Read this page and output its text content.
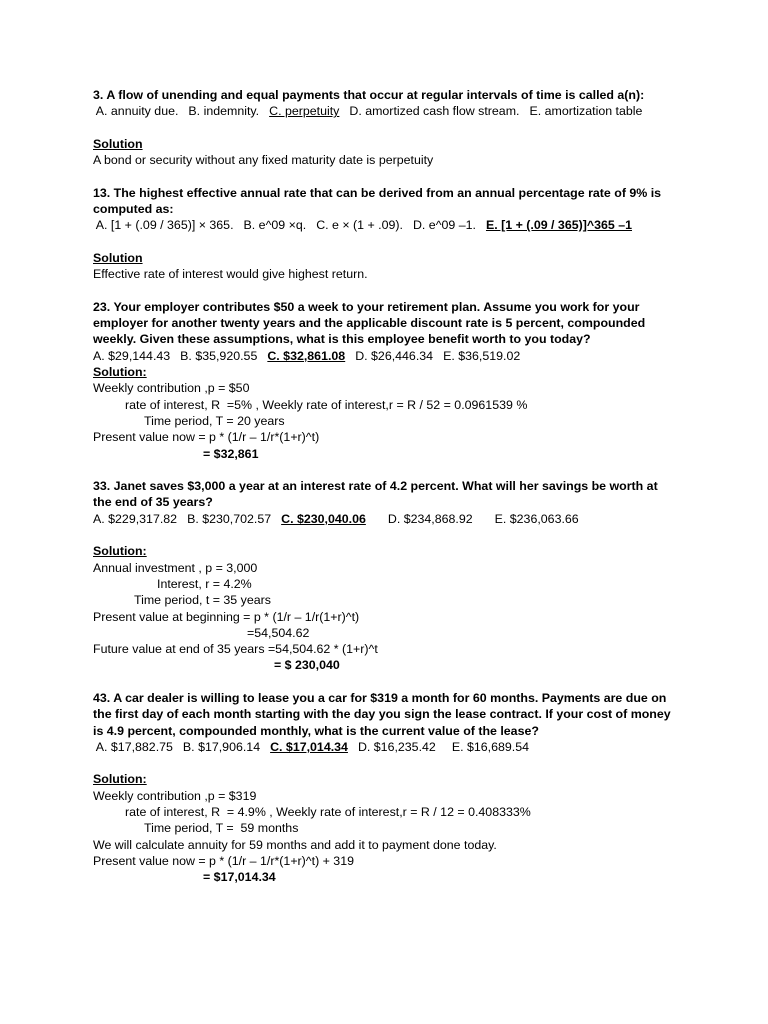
3. A flow of unending and equal payments that occur at regular intervals of time is called a(n):
A. annuity due. B. indemnity. C. perpetuity D. amortized cash flow stream. E. amortization table
Solution
A bond or security without any fixed maturity date is perpetuity
13. The highest effective annual rate that can be derived from an annual percentage rate of 9% is
computed as:
A. [1 + (.09 / 365)] × 365. B. e^09 ×q. C. e × (1 + .09). D. e^09 –1. E. [1 + (.09 / 365)]^365 –1
Solution
Effective rate of interest would give highest return.
23. Your employer contributes $50 a week to your retirement plan. Assume you work for your
employer for another twenty years and the applicable discount rate is 5 percent, compounded
weekly. Given these assumptions, what is this employee benefit worth to you today?
A. $29,144.43 B. $35,920.55 C. $32,861.08 D. $26,446.34 E. $36,519.02
Solution:
Weekly contribution ,p = $50
rate of interest, R  =5% , Weekly rate of interest,r = R / 52 = 0.0961539 %
Time period, T = 20 years
Present value now = p * (1/r – 1/r*(1+r)^t)
= $32,861
33. Janet saves $3,000 a year at an interest rate of 4.2 percent. What will her savings be worth at
the end of 35 years?
A. $229,317.82 B. $230,702.57 C. $230,040.06 D. $234,868.92 E. $236,063.66
Solution:
Annual investment , p = 3,000
Interest, r = 4.2%
Time period, t = 35 years
Present value at beginning = p * (1/r – 1/r(1+r)^t)
=54,504.62
Future value at end of 35 years =54,504.62 * (1+r)^t
= $ 230,040
43. A car dealer is willing to lease you a car for $319 a month for 60 months. Payments are due on
the first day of each month starting with the day you sign the lease contract. If your cost of money
is 4.9 percent, compounded monthly, what is the current value of the lease?
A. $17,882.75 B. $17,906.14 C. $17,014.34 D. $16,235.42 E. $16,689.54
Solution:
Weekly contribution ,p = $319
rate of interest, R  = 4.9% , Weekly rate of interest,r = R / 12 = 0.408333%
Time period, T =  59 months
We will calculate annuity for 59 months and add it to payment done today.
Present value now = p * (1/r – 1/r*(1+r)^t) + 319
= $17,014.34
